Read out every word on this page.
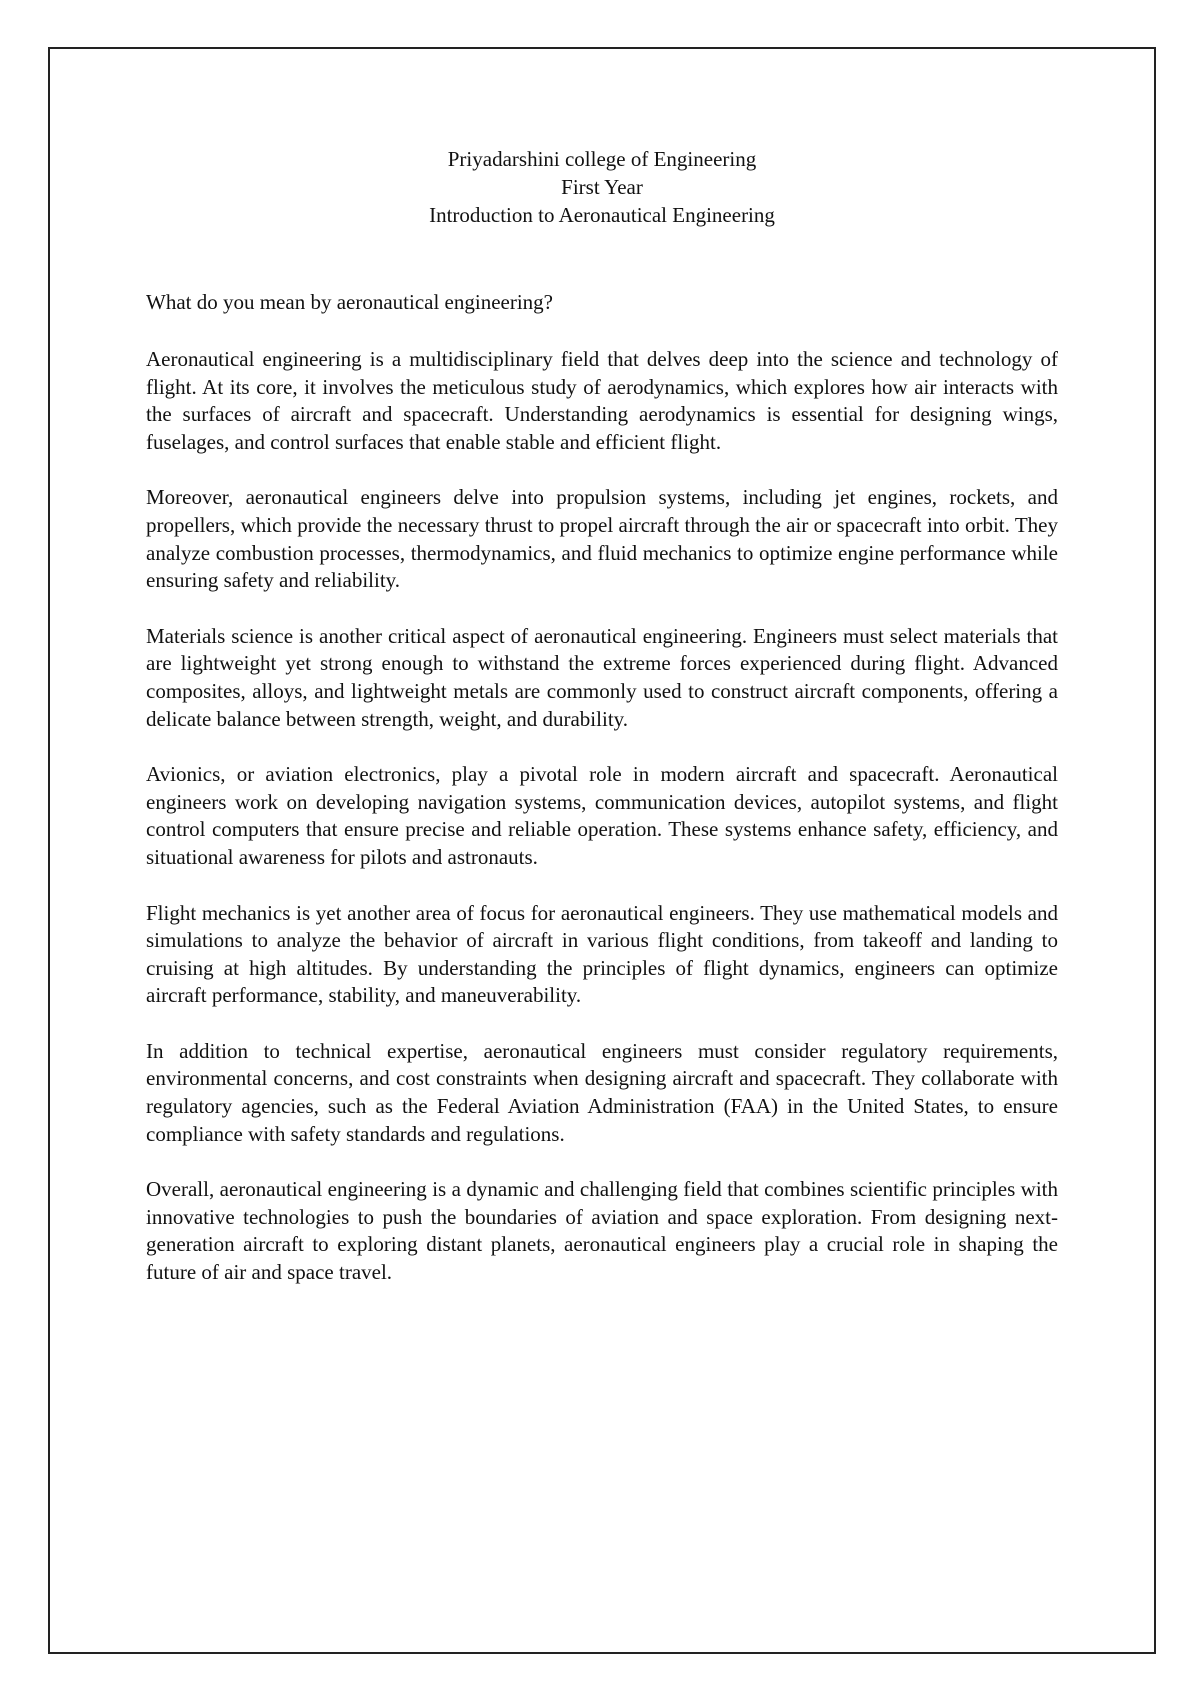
Priyadarshini college of Engineering
First Year
Introduction to Aeronautical Engineering

What do you mean by aeronautical engineering?

Aeronautical engineering is a multidisciplinary field that delves deep into the science and technology of flight. At its core, it involves the meticulous study of aerodynamics, which explores how air interacts with the surfaces of aircraft and spacecraft. Understanding aerodynamics is essential for designing wings, fuselages, and control surfaces that enable stable and efficient flight.

Moreover, aeronautical engineers delve into propulsion systems, including jet engines, rockets, and propellers, which provide the necessary thrust to propel aircraft through the air or spacecraft into orbit. They analyze combustion processes, thermodynamics, and fluid mechanics to optimize engine performance while ensuring safety and reliability.

Materials science is another critical aspect of aeronautical engineering. Engineers must select materials that are lightweight yet strong enough to withstand the extreme forces experienced during flight. Advanced composites, alloys, and lightweight metals are commonly used to construct aircraft components, offering a delicate balance between strength, weight, and durability.

Avionics, or aviation electronics, play a pivotal role in modern aircraft and spacecraft. Aeronautical engineers work on developing navigation systems, communication devices, autopilot systems, and flight control computers that ensure precise and reliable operation. These systems enhance safety, efficiency, and situational awareness for pilots and astronauts.

Flight mechanics is yet another area of focus for aeronautical engineers. They use mathematical models and simulations to analyze the behavior of aircraft in various flight conditions, from takeoff and landing to cruising at high altitudes. By understanding the principles of flight dynamics, engineers can optimize aircraft performance, stability, and maneuverability.

In addition to technical expertise, aeronautical engineers must consider regulatory requirements, environmental concerns, and cost constraints when designing aircraft and spacecraft. They collaborate with regulatory agencies, such as the Federal Aviation Administration (FAA) in the United States, to ensure compliance with safety standards and regulations.

Overall, aeronautical engineering is a dynamic and challenging field that combines scientific principles with innovative technologies to push the boundaries of aviation and space exploration. From designing next-generation aircraft to exploring distant planets, aeronautical engineers play a crucial role in shaping the future of air and space travel.
